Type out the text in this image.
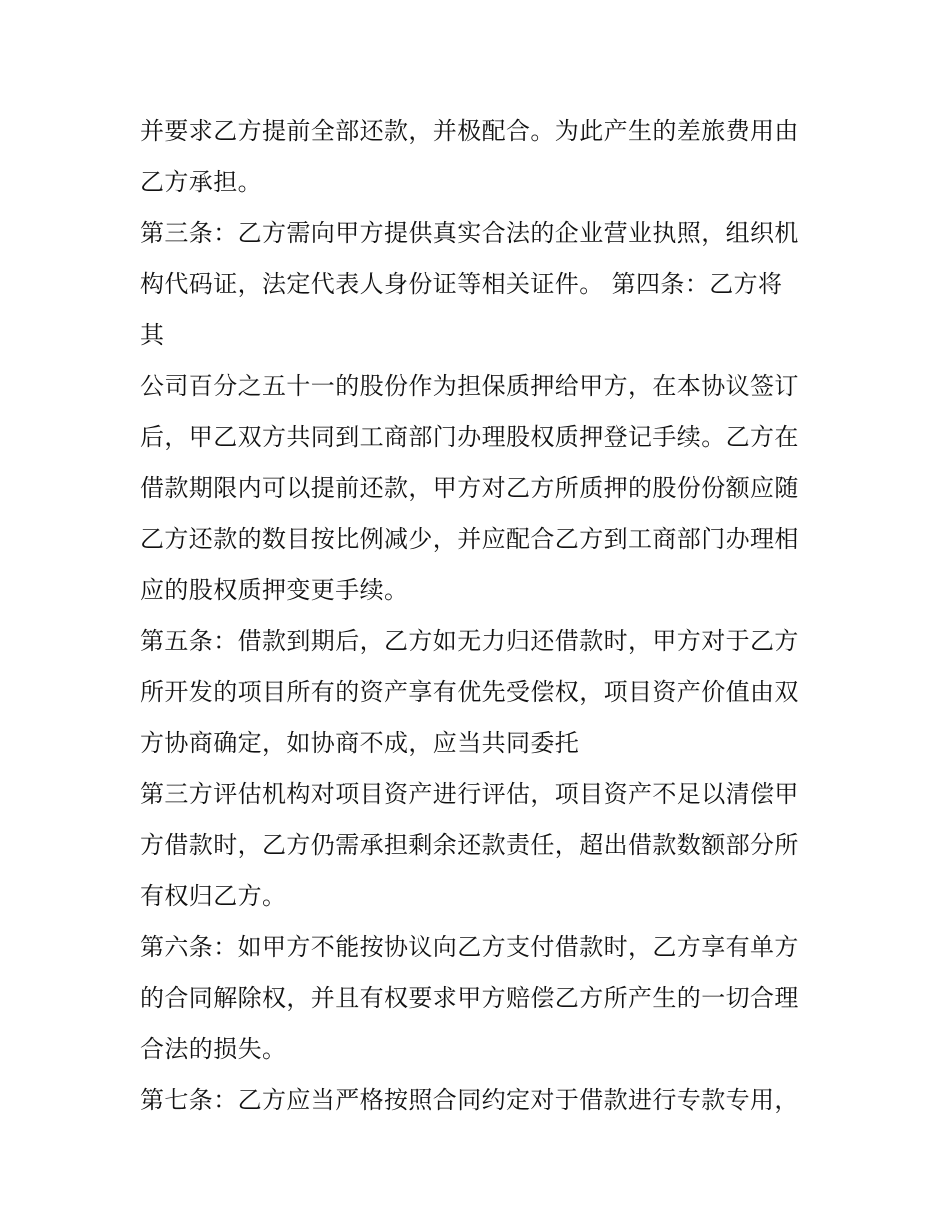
并要求乙方提前全部还款，并极配合。为此产生的差旅费用由
乙方承担。
第三条：乙方需向甲方提供真实合法的企业营业执照，组织机
构代码证，法定代表人身份证等相关证件。 第四条：乙方将
其
公司百分之五十一的股份作为担保质押给甲方，在本协议签订
后，甲乙双方共同到工商部门办理股权质押登记手续。乙方在
借款期限内可以提前还款，甲方对乙方所质押的股份份额应随
乙方还款的数目按比例减少，并应配合乙方到工商部门办理相
应的股权质押变更手续。
第五条：借款到期后，乙方如无力归还借款时，甲方对于乙方
所开发的项目所有的资产享有优先受偿权，项目资产价值由双
方协商确定，如协商不成，应当共同委托
第三方评估机构对项目资产进行评估，项目资产不足以清偿甲
方借款时，乙方仍需承担剩余还款责任，超出借款数额部分所
有权归乙方。
第六条：如甲方不能按协议向乙方支付借款时，乙方享有单方
的合同解除权，并且有权要求甲方赔偿乙方所产生的一切合理
合法的损失。
第七条：乙方应当严格按照合同约定对于借款进行专款专用，
